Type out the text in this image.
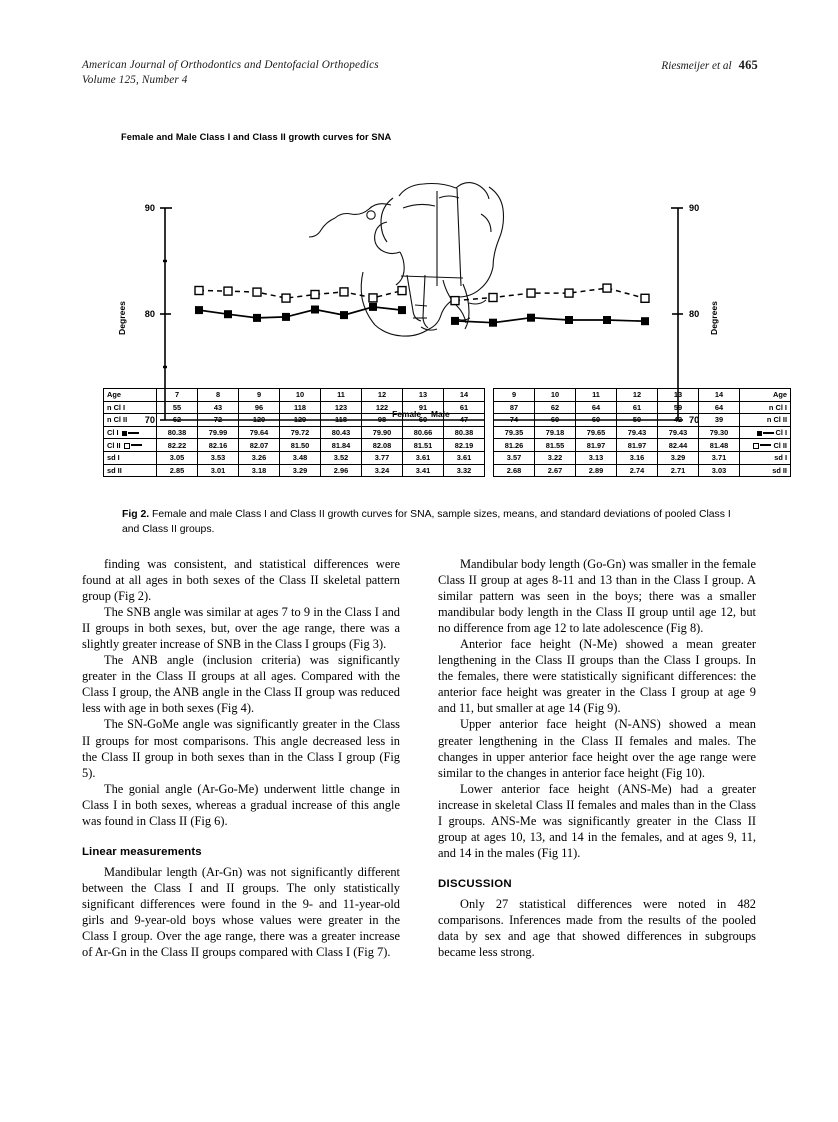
American Journal of Orthodontics and Dentofacial Orthopedics
Volume 125, Number 4
Riesmeijer et al 465
Female and Male Class I and Class II growth curves for SNA
90
80
70
90
80
70
Degrees	Degrees
Female Male
Age	7	8	9	10	11	12	13	14		9	10	11	12	13	14	Age
n Cl I	55	43	96	118	123	122	91	61		87	62	64	61	59	64	n Cl I
n Cl II	62	72	120	129	118	98	60	47		74	60	60	50	42	39	n Cl II
Cl I	80.38	79.99	79.64	79.72	80.43	79.90	80.66	80.38		79.35	79.18	79.65	79.43	79.43	79.30	Cl I
Cl II	82.22	82.16	82.07	81.50	81.84	82.08	81.51	82.19		81.26	81.55	81.97	81.97	82.44	81.48	Cl II
sd I	3.05	3.53	3.26	3.48	3.52	3.77	3.61	3.61		3.57	3.22	3.13	3.16	3.29	3.71	sd I
sd II	2.85	3.01	3.18	3.29	2.96	3.24	3.41	3.32		2.68	2.67	2.89	2.74	2.71	3.03	sd II
Fig 2. Female and male Class I and Class II growth curves for SNA, sample sizes, means, and standard deviations of pooled Class I and Class II groups.

finding was consistent, and statistical differences were found at all ages in both sexes of the Class II skeletal pattern group (Fig 2).

The SNB angle was similar at ages 7 to 9 in the Class I and II groups in both sexes, but, over the age range, there was a slightly greater increase of SNB in the Class I groups (Fig 3).

The ANB angle (inclusion criteria) was significantly greater in the Class II groups at all ages. Compared with the Class I group, the ANB angle in the Class II group was reduced less with age in both sexes (Fig 4).

The SN-GoMe angle was significantly greater in the Class II groups for most comparisons. This angle decreased less in the Class II group in both sexes than in the Class I group (Fig 5).

The gonial angle (Ar-Go-Me) underwent little change in Class I in both sexes, whereas a gradual increase of this angle was found in Class II (Fig 6).

Linear measurements

Mandibular length (Ar-Gn) was not significantly different between the Class I and II groups. The only statistically significant differences were found in the 9- and 11-year-old girls and 9-year-old boys whose values were greater in the Class I group. Over the age range, there was a greater increase of Ar-Gn in the Class II groups compared with Class I (Fig 7).

Mandibular body length (Go-Gn) was smaller in the female Class II group at ages 8-11 and 13 than in the Class I group. A similar pattern was seen in the boys; there was a smaller mandibular body length in the Class II group until age 12, but no difference from age 12 to late adolescence (Fig 8).

Anterior face height (N-Me) showed a mean greater lengthening in the Class II groups than the Class I groups. In the females, there were statistically significant differences: the anterior face height was greater in the Class I group at age 9 and 11, but smaller at age 14 (Fig 9).

Upper anterior face height (N-ANS) showed a mean greater lengthening in the Class II females and males. The changes in upper anterior face height over the age range were similar to the changes in anterior face height (Fig 10).

Lower anterior face height (ANS-Me) had a greater increase in skeletal Class II females and males than in the Class I groups. ANS-Me was significantly greater in the Class II group at ages 10, 13, and 14 in the females, and at ages 9, 11, and 14 in the males (Fig 11).

DISCUSSION

Only 27 statistical differences were noted in 482 comparisons. Inferences made from the results of the pooled data by sex and age that showed differences in subgroups became less strong.
